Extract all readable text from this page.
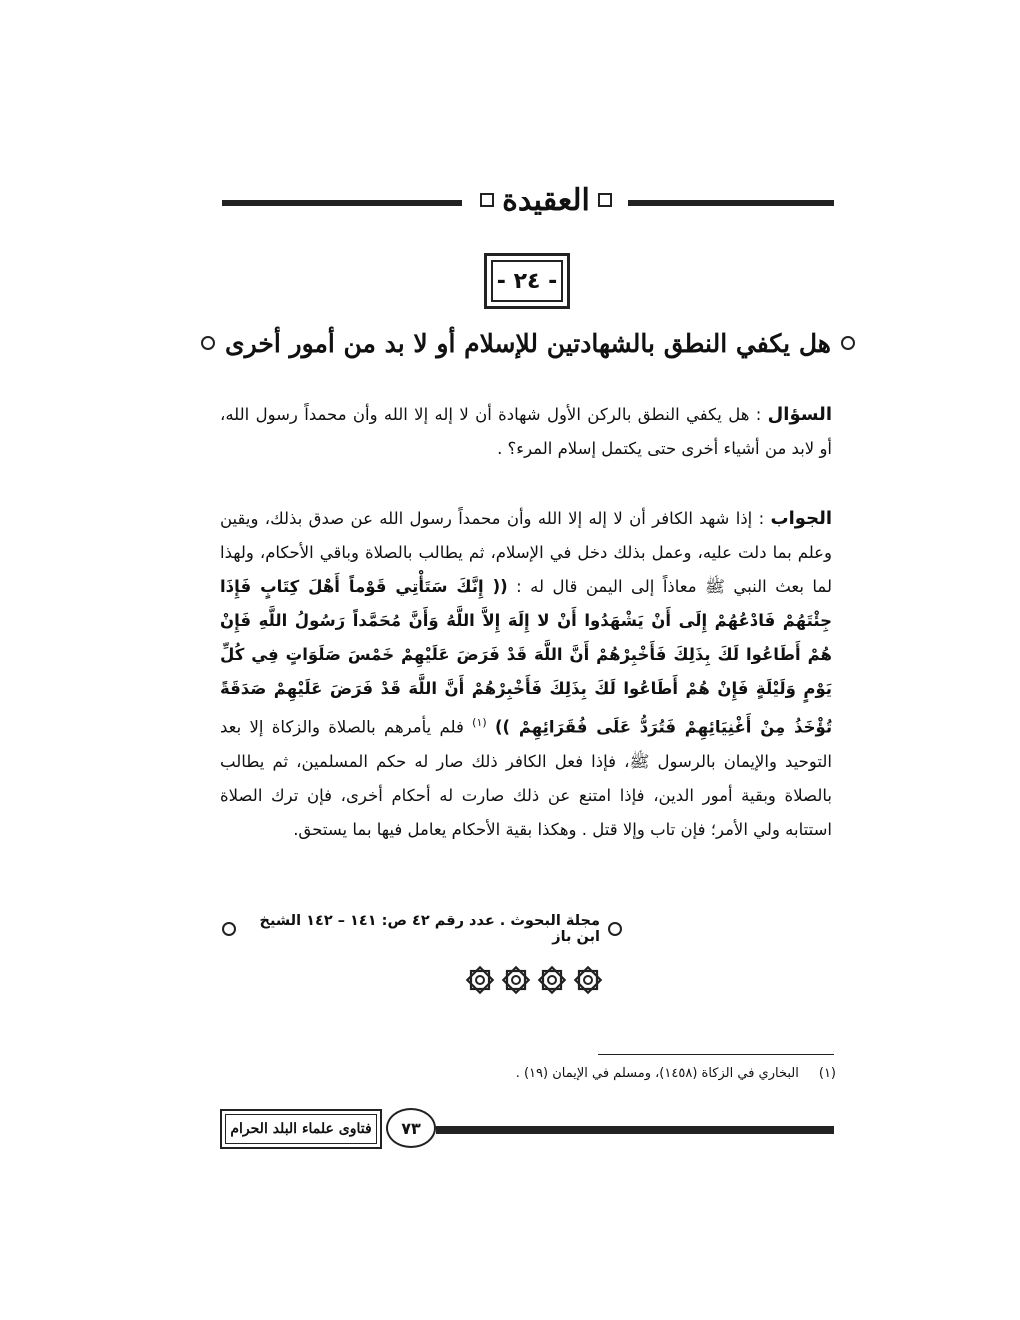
العقيدة
- ٢٤ -
هل يكفي النطق بالشهادتين للإسلام أو لا بد من أمور أخرى
السؤال : هل يكفي النطق بالركن الأول شهادة أن لا إله إلا الله وأن محمداً رسول الله، أو لابد من أشياء أخرى حتى يكتمل إسلام المرء؟ .
الجواب : إذا شهد الكافر أن لا إله إلا الله وأن محمداً رسول الله عن صدق بذلك، ويقين وعلم بما دلت عليه، وعمل بذلك دخل في الإسلام، ثم يطالب بالصلاة وباقي الأحكام، ولهذا لما بعث النبي ﷺ معاذاً إلى اليمن قال له : (( إِنَّكَ سَتَأْتِي قَوْماً أَهْلَ كِتَابٍ فَإِذَا جِئْتَهُمْ فَادْعُهُمْ إِلَى أَنْ يَشْهَدُوا أَنْ لا إِلَهَ إِلاَّ اللَّهُ وَأَنَّ مُحَمَّداً رَسُولُ اللَّهِ فَإِنْ هُمْ أَطَاعُوا لَكَ بِذَلِكَ فَأَخْبِرْهُمْ أَنَّ اللَّهَ قَدْ فَرَضَ عَلَيْهِمْ خَمْسَ صَلَوَاتٍ فِي كُلِّ يَوْمٍ وَلَيْلَةٍ فَإِنْ هُمْ أَطَاعُوا لَكَ بِذَلِكَ فَأَخْبِرْهُمْ أَنَّ اللَّهَ قَدْ فَرَضَ عَلَيْهِمْ صَدَقَةً تُؤْخَذُ مِنْ أَغْنِيَائِهِمْ فَتُرَدُّ عَلَى فُقَرَائِهِمْ )) $^{(١)}$ فلم يأمرهم بالصلاة والزكاة إلا بعد التوحيد والإيمان بالرسول ﷺ، فإذا فعل الكافر ذلك صار له حكم المسلمين، ثم يطالب بالصلاة وبقية أمور الدين، فإذا امتنع عن ذلك صارت له أحكام أخرى، فإن ترك الصلاة استتابه ولي الأمر؛ فإن تاب وإلا قتل . وهكذا بقية الأحكام يعامل فيها بما يستحق.
مجلة البحوث . عدد رقم ٤٢ ص: ١٤١ – ١٤٢ الشيخ ابن باز
(١)
البخاري في الزكاة (١٤٥٨)، ومسلم في الإيمان (١٩) .
٧٣
فتاوى علماء البلد الحرام
